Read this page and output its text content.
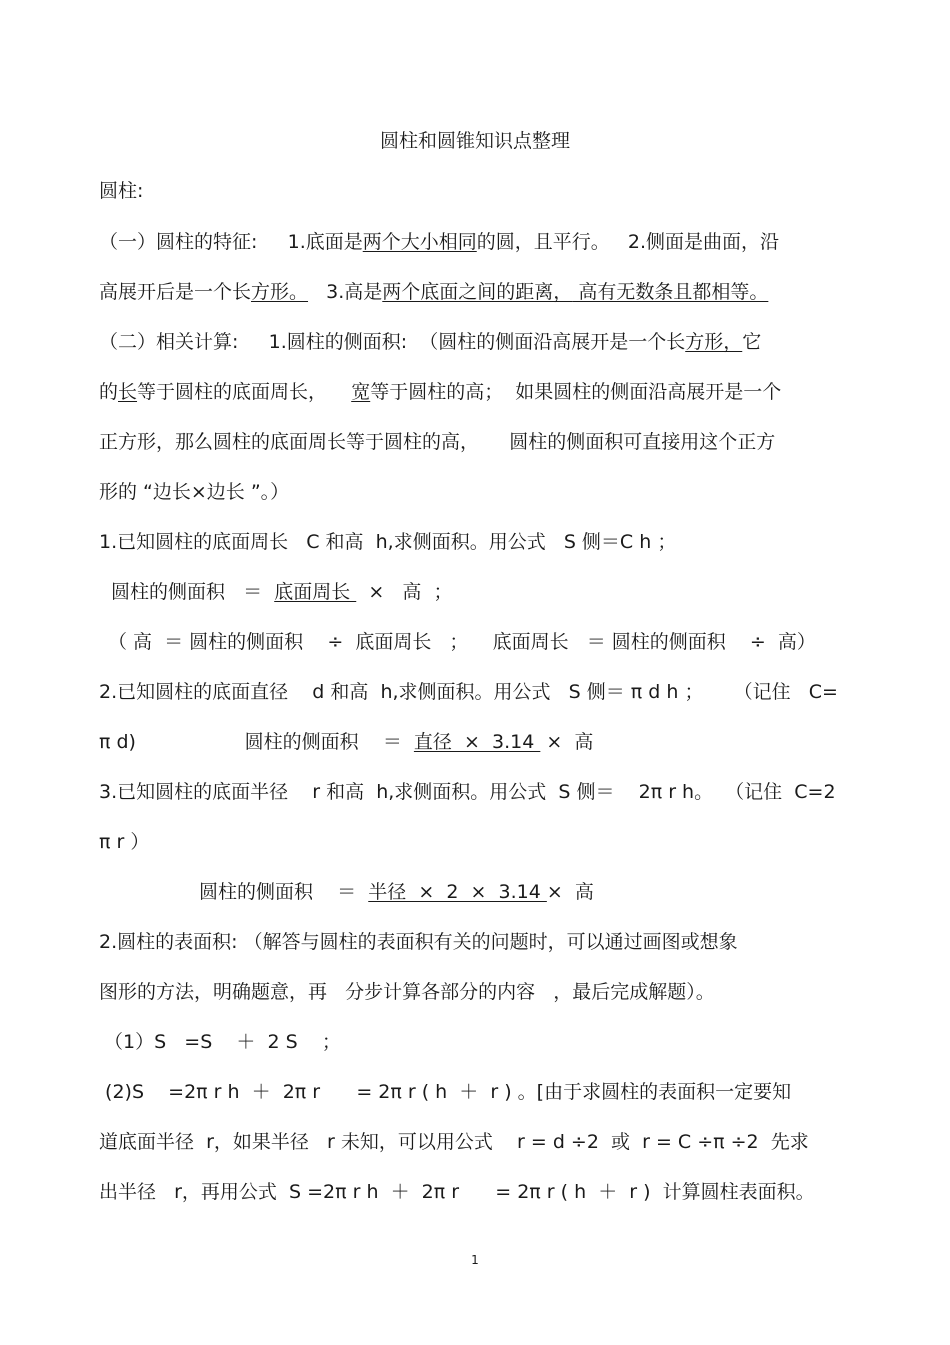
圆柱和圆锥知识点整理
圆柱:
（一）圆柱的特征:     1.底面是两个大小相同的圆，且平行。   2.侧面是曲面，沿
高展开后是一个长方形。   3.高是两个底面之间的距离， 高有无数条且都相等。
（二）相关计算:     1.圆柱的侧面积:  （圆柱的侧面沿高展开是一个长方形，它
的长等于圆柱的底面周长，    宽等于圆柱的高；  如果圆柱的侧面沿高展开是一个
正方形，那么圆柱的底面周长等于圆柱的高，     圆柱的侧面积可直接用这个正方
形的 “边长×边长 ”。）
1.已知圆柱的底面周长   C 和高  h,求侧面积。用公式   S 侧＝C h ；
圆柱的侧面积   ＝  底面周长   ×   高  ；
（ 高  ＝ 圆柱的侧面积    ÷  底面周长   ；    底面周长   ＝ 圆柱的侧面积    ÷  高）
2.已知圆柱的底面直径    d 和高  h,求侧面积。用公式   S 侧＝ π d h ；     （记住   C=
π d)                  圆柱的侧面积    ＝  直径  ×  3.14  ×  高
3.已知圆柱的底面半径    r 和高  h,求侧面积。用公式  S 侧＝    2π r h。  （记住  C=2
π r ）
圆柱的侧面积    ＝  半径  ×  2  ×  3.14 ×  高
2.圆柱的表面积: （解答与圆柱的表面积有关的问题时，可以通过画图或想象
图形的方法，明确题意，再   分步计算各部分的内容   ，最后完成解题）。
（1）S   =S    ＋  2 S    ；
(2)S    =2π r h  ＋  2π r      = 2π r ( h  ＋  r ) 。[由于求圆柱的表面积一定要知
道底面半径  r，如果半径   r 未知，可以用公式    r = d ÷2  或  r = C ÷π ÷2  先求
出半径   r，再用公式  S =2π r h  ＋  2π r      = 2π r ( h  ＋  r )  计算圆柱表面积。
1
